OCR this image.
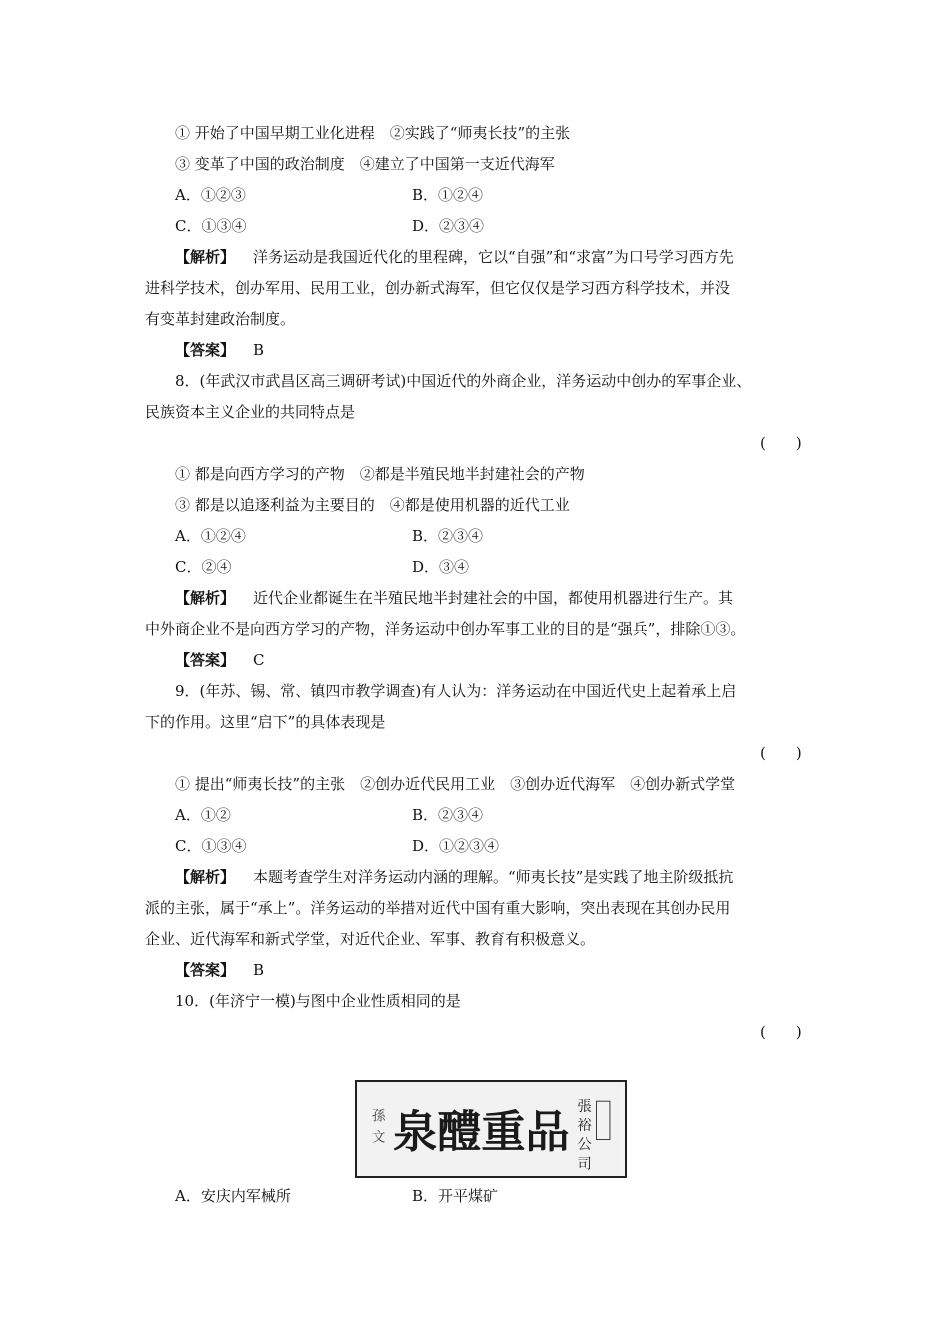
① 开始了中国早期工业化进程　②实践了“师夷长技”的主张
③ 变革了中国的政治制度　④建立了中国第一支近代海军
A．①②③	B．①②④
C．①③④	D．②③④
【解析】 洋务运动是我国近代化的里程碑，它以“自强”和“求富”为口号学习西方先
进科学技术，创办军用、民用工业，创办新式海军，但它仅仅是学习西方科学技术，并没
有变革封建政治制度。
【答案】 B
8．(年武汉市武昌区高三调研考试)中国近代的外商企业，洋务运动中创办的军事企业、
民族资本主义企业的共同特点是
(　　)
① 都是向西方学习的产物　②都是半殖民地半封建社会的产物
③ 都是以追逐利益为主要目的　④都是使用机器的近代工业
A．①②④	B．②③④
C．②④	D．③④
【解析】 近代企业都诞生在半殖民地半封建社会的中国，都使用机器进行生产。其
中外商企业不是向西方学习的产物，洋务运动中创办军事工业的目的是“强兵”，排除①③。
【答案】 C
9．(年苏、锡、常、镇四市教学调查)有人认为：洋务运动在中国近代史上起着承上启
下的作用。这里“启下”的具体表现是
(　　)
① 提出“师夷长技”的主张　②创办近代民用工业　③创办近代海军　④创办新式学堂
A．①②	B．②③④
C．①③④	D．①②③④
【解析】 本题考查学生对洋务运动内涵的理解。“师夷长技”是实践了地主阶级抵抗
派的主张，属于“承上”。洋务运动的举措对近代中国有重大影响，突出表现在其创办民用
企业、近代海军和新式学堂，对近代企业、军事、教育有积极意义。
【答案】 B
10．(年济宁一模)与图中企业性质相同的是
(　　)
孫
文 泉醴重品
張
裕
公
司
A．安庆内军械所	B．开平煤矿
